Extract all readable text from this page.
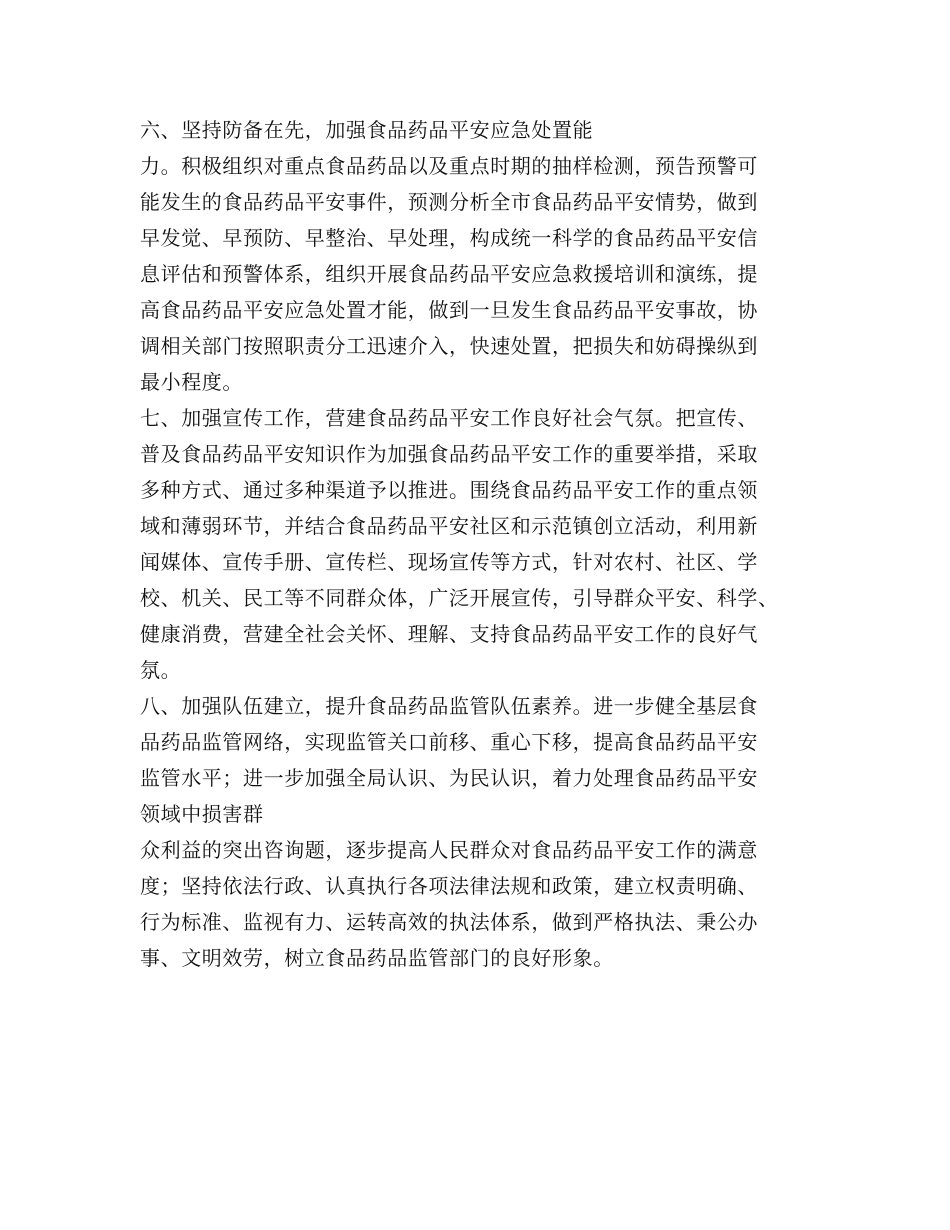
六、坚持防备在先，加强食品药品平安应急处置能
力。积极组织对重点食品药品以及重点时期的抽样检测，预告预警可
能发生的食品药品平安事件，预测分析全市食品药品平安情势，做到
早发觉、早预防、早整治、早处理，构成统一科学的食品药品平安信
息评估和预警体系，组织开展食品药品平安应急救援培训和演练，提
高食品药品平安应急处置才能，做到一旦发生食品药品平安事故，协
调相关部门按照职责分工迅速介入，快速处置，把损失和妨碍操纵到
最小程度。
七、加强宣传工作，营建食品药品平安工作良好社会气氛。把宣传、
普及食品药品平安知识作为加强食品药品平安工作的重要举措，采取
多种方式、通过多种渠道予以推进。围绕食品药品平安工作的重点领
域和薄弱环节，并结合食品药品平安社区和示范镇创立活动，利用新
闻媒体、宣传手册、宣传栏、现场宣传等方式，针对农村、社区、学
校、机关、民工等不同群众体，广泛开展宣传，引导群众平安、科学、
健康消费，营建全社会关怀、理解、支持食品药品平安工作的良好气
氛。
八、加强队伍建立，提升食品药品监管队伍素养。进一步健全基层食
品药品监管网络，实现监管关口前移、重心下移，提高食品药品平安
监管水平；进一步加强全局认识、为民认识，着力处理食品药品平安
领域中损害群
众利益的突出咨询题，逐步提高人民群众对食品药品平安工作的满意
度；坚持依法行政、认真执行各项法律法规和政策，建立权责明确、
行为标准、监视有力、运转高效的执法体系，做到严格执法、秉公办
事、文明效劳，树立食品药品监管部门的良好形象。
